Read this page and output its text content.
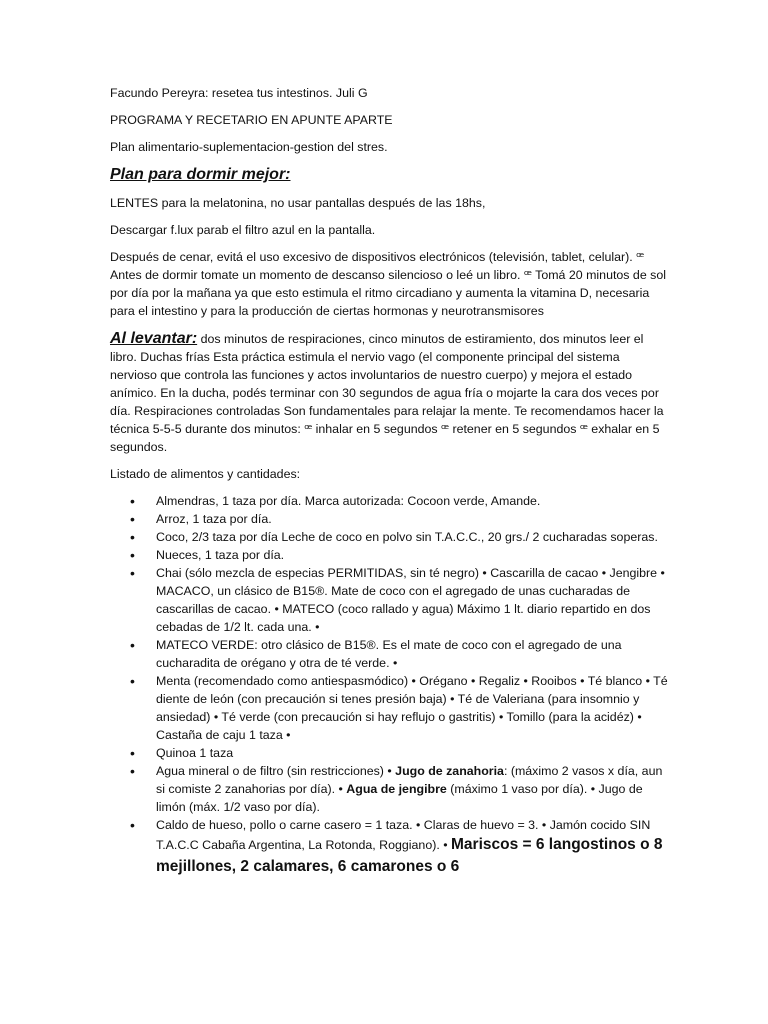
Facundo Pereyra: resetea tus intestinos. Juli G

PROGRAMA Y RECETARIO EN APUNTE APARTE

Plan alimentario-suplementacion-gestion del stres.

Plan para dormir mejor:

LENTES para la melatonina, no usar pantallas después de las 18hs,

Descargar f.lux parab el filtro azul en la pantalla.

Después de cenar, evitá el uso excesivo de dispositivos electrónicos (televisión, tablet, celular). ꟹ Antes de dormir tomate un momento de descanso silencioso o leé un libro. ꟹ Tomá 20 minutos de sol por día por la mañana ya que esto estimula el ritmo circadiano y aumenta la vitamina D, necesaria para el intestino y para la producción de ciertas hormonas y neurotransmisores

Al levantar: dos minutos de respiraciones, cinco minutos de estiramiento, dos minutos leer el libro. Duchas frías Esta práctica estimula el nervio vago (el componente principal del sistema nervioso que controla las funciones y actos involuntarios de nuestro cuerpo) y mejora el estado anímico. En la ducha, podés terminar con 30 segundos de agua fría o mojarte la cara dos veces por día. Respiraciones controladas Son fundamentales para relajar la mente. Te recomendamos hacer la técnica 5-5-5 durante dos minutos: ꟹ inhalar en 5 segundos ꟹ retener en 5 segundos ꟹ exhalar en 5 segundos.

Listado de alimentos y cantidades:

• Almendras, 1 taza por día. Marca autorizada: Cocoon verde, Amande.
• Arroz, 1 taza por día.
• Coco, 2/3 taza por día Leche de coco en polvo sin T.A.C.C., 20 grs./ 2 cucharadas soperas.
• Nueces, 1 taza por día.
• Chai (sólo mezcla de especias PERMITIDAS, sin té negro) • Cascarilla de cacao • Jengibre • MACACO, un clásico de B15®. Mate de coco con el agregado de unas cucharadas de cascarillas de cacao. • MATECO (coco rallado y agua) Máximo 1 lt. diario repartido en dos cebadas de 1/2 lt. cada una. •
• MATECO VERDE: otro clásico de B15®. Es el mate de coco con el agregado de una cucharadita de orégano y otra de té verde. •
• Menta (recomendado como antiespasmódico) • Orégano • Regaliz • Rooibos • Té blanco • Té diente de león (con precaución si tenes presión baja) • Té de Valeriana (para insomnio y ansiedad) • Té verde (con precaución si hay reflujo o gastritis) • Tomillo (para la acidéz) • Castaña de caju 1 taza •
• Quinoa 1 taza
• Agua mineral o de filtro (sin restricciones) • Jugo de zanahoria: (máximo 2 vasos x día, aun si comiste 2 zanahorias por día). • Agua de jengibre (máximo 1 vaso por día). • Jugo de limón (máx. 1/2 vaso por día).
• Caldo de hueso, pollo o carne casero = 1 taza. • Claras de huevo = 3. • Jamón cocido SIN T.A.C.C Cabaña Argentina, La Rotonda, Roggiano). • Mariscos = 6 langostinos o 8 mejillones, 2 calamares, 6 camarones o 6
